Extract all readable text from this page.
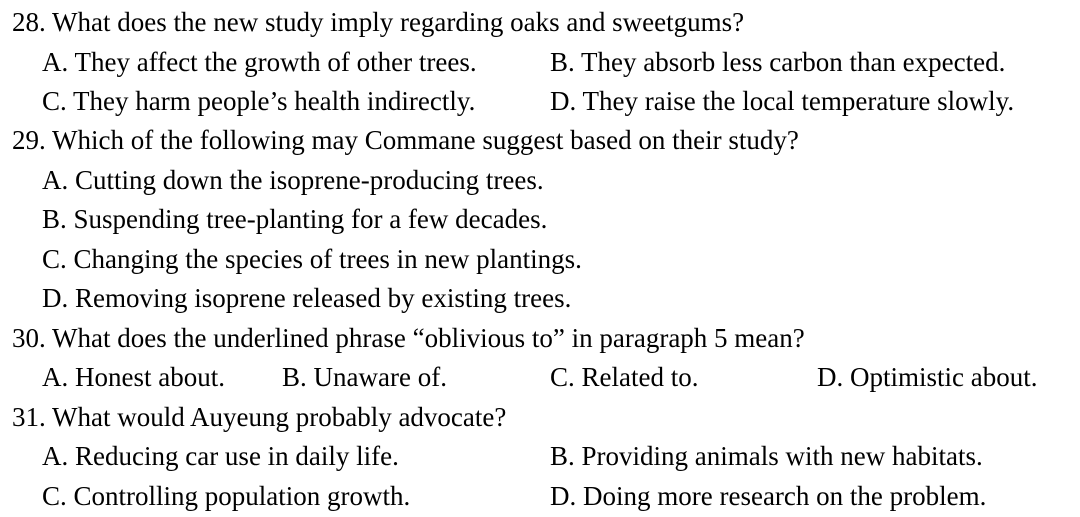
28. What does the new study imply regarding oaks and sweetgums?
A. They affect the growth of other trees.	B. They absorb less carbon than expected.
C. They harm people’s health indirectly.	D. They raise the local temperature slowly.
29. Which of the following may Commane suggest based on their study?
A. Cutting down the isoprene-producing trees.
B. Suspending tree-planting for a few decades.
C. Changing the species of trees in new plantings.
D. Removing isoprene released by existing trees.
30. What does the underlined phrase “oblivious to” in paragraph 5 mean?
A. Honest about. B. Unaware of.	C. Related to.	D. Optimistic about.
31. What would Auyeung probably advocate?
A. Reducing car use in daily life.	B. Providing animals with new habitats.
C. Controlling population growth.	D. Doing more research on the problem.
